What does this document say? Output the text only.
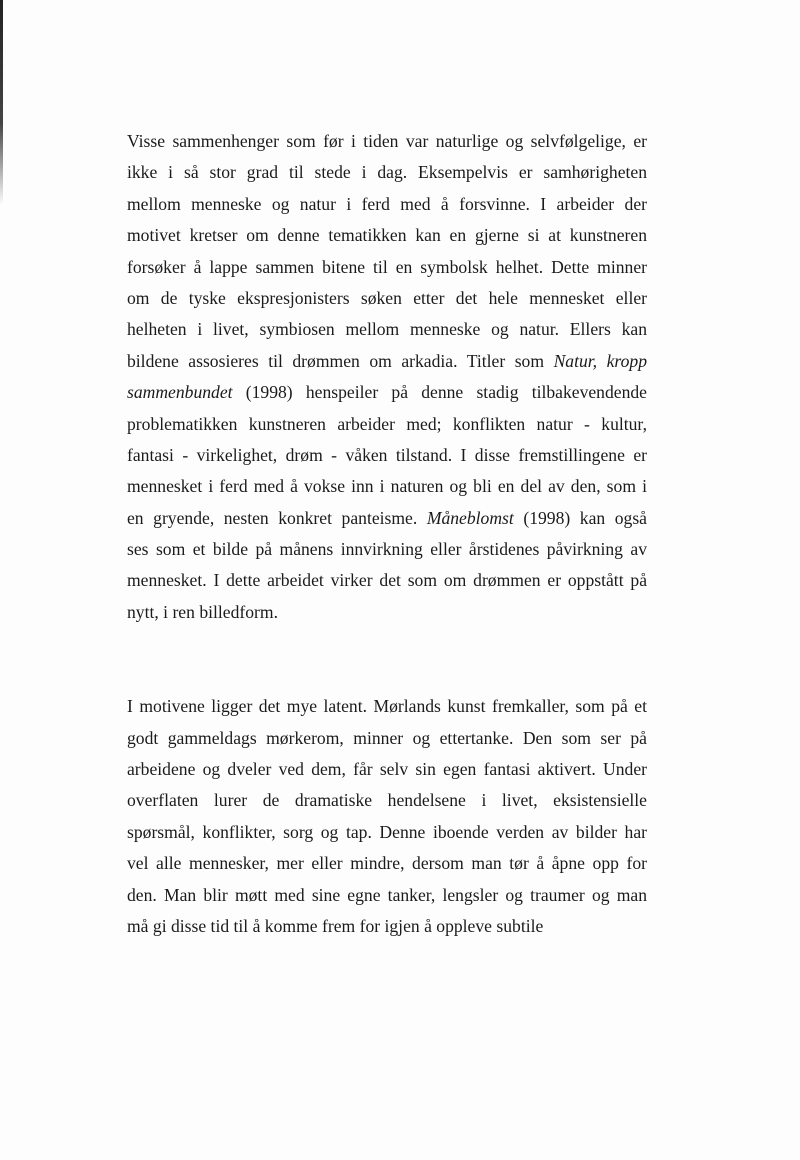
Visse sammenhenger som før i tiden var naturlige og selvfølgelige, er
ikke i så stor grad til stede i dag. Eksempelvis er samhørigheten
mellom menneske og natur i ferd med å forsvinne. I arbeider der
motivet kretser om denne tematikken kan en gjerne si at kunstneren
forsøker å lappe sammen bitene til en symbolsk helhet. Dette minner
om de tyske ekspresjonisters søken etter det hele mennesket eller
helheten i livet, symbiosen mellom menneske og natur. Ellers kan
bildene assosieres til drømmen om arkadia. Titler som Natur, kropp
sammenbundet (1998) henspeiler på denne stadig tilbakevendende
problematikken kunstneren arbeider med; konflikten natur - kultur,
fantasi - virkelighet, drøm - våken tilstand. I disse fremstillingene er
mennesket i ferd med å vokse inn i naturen og bli en del av den, som i
en gryende, nesten konkret panteisme. Måneblomst (1998) kan også
ses som et bilde på månens innvirkning eller årstidenes påvirkning av
mennesket. I dette arbeidet virker det som om drømmen er oppstått på
nytt, i ren billedform.
I motivene ligger det mye latent. Mørlands kunst fremkaller, som på et
godt gammeldags mørkerom, minner og ettertanke. Den som ser på
arbeidene og dveler ved dem, får selv sin egen fantasi aktivert. Under
overflaten lurer de dramatiske hendelsene i livet, eksistensielle
spørsmål, konflikter, sorg og tap. Denne iboende verden av bilder har
vel alle mennesker, mer eller mindre, dersom man tør å åpne opp for
den. Man blir møtt med sine egne tanker, lengsler og traumer og man
må gi disse tid til å komme frem for igjen å oppleve subtile
